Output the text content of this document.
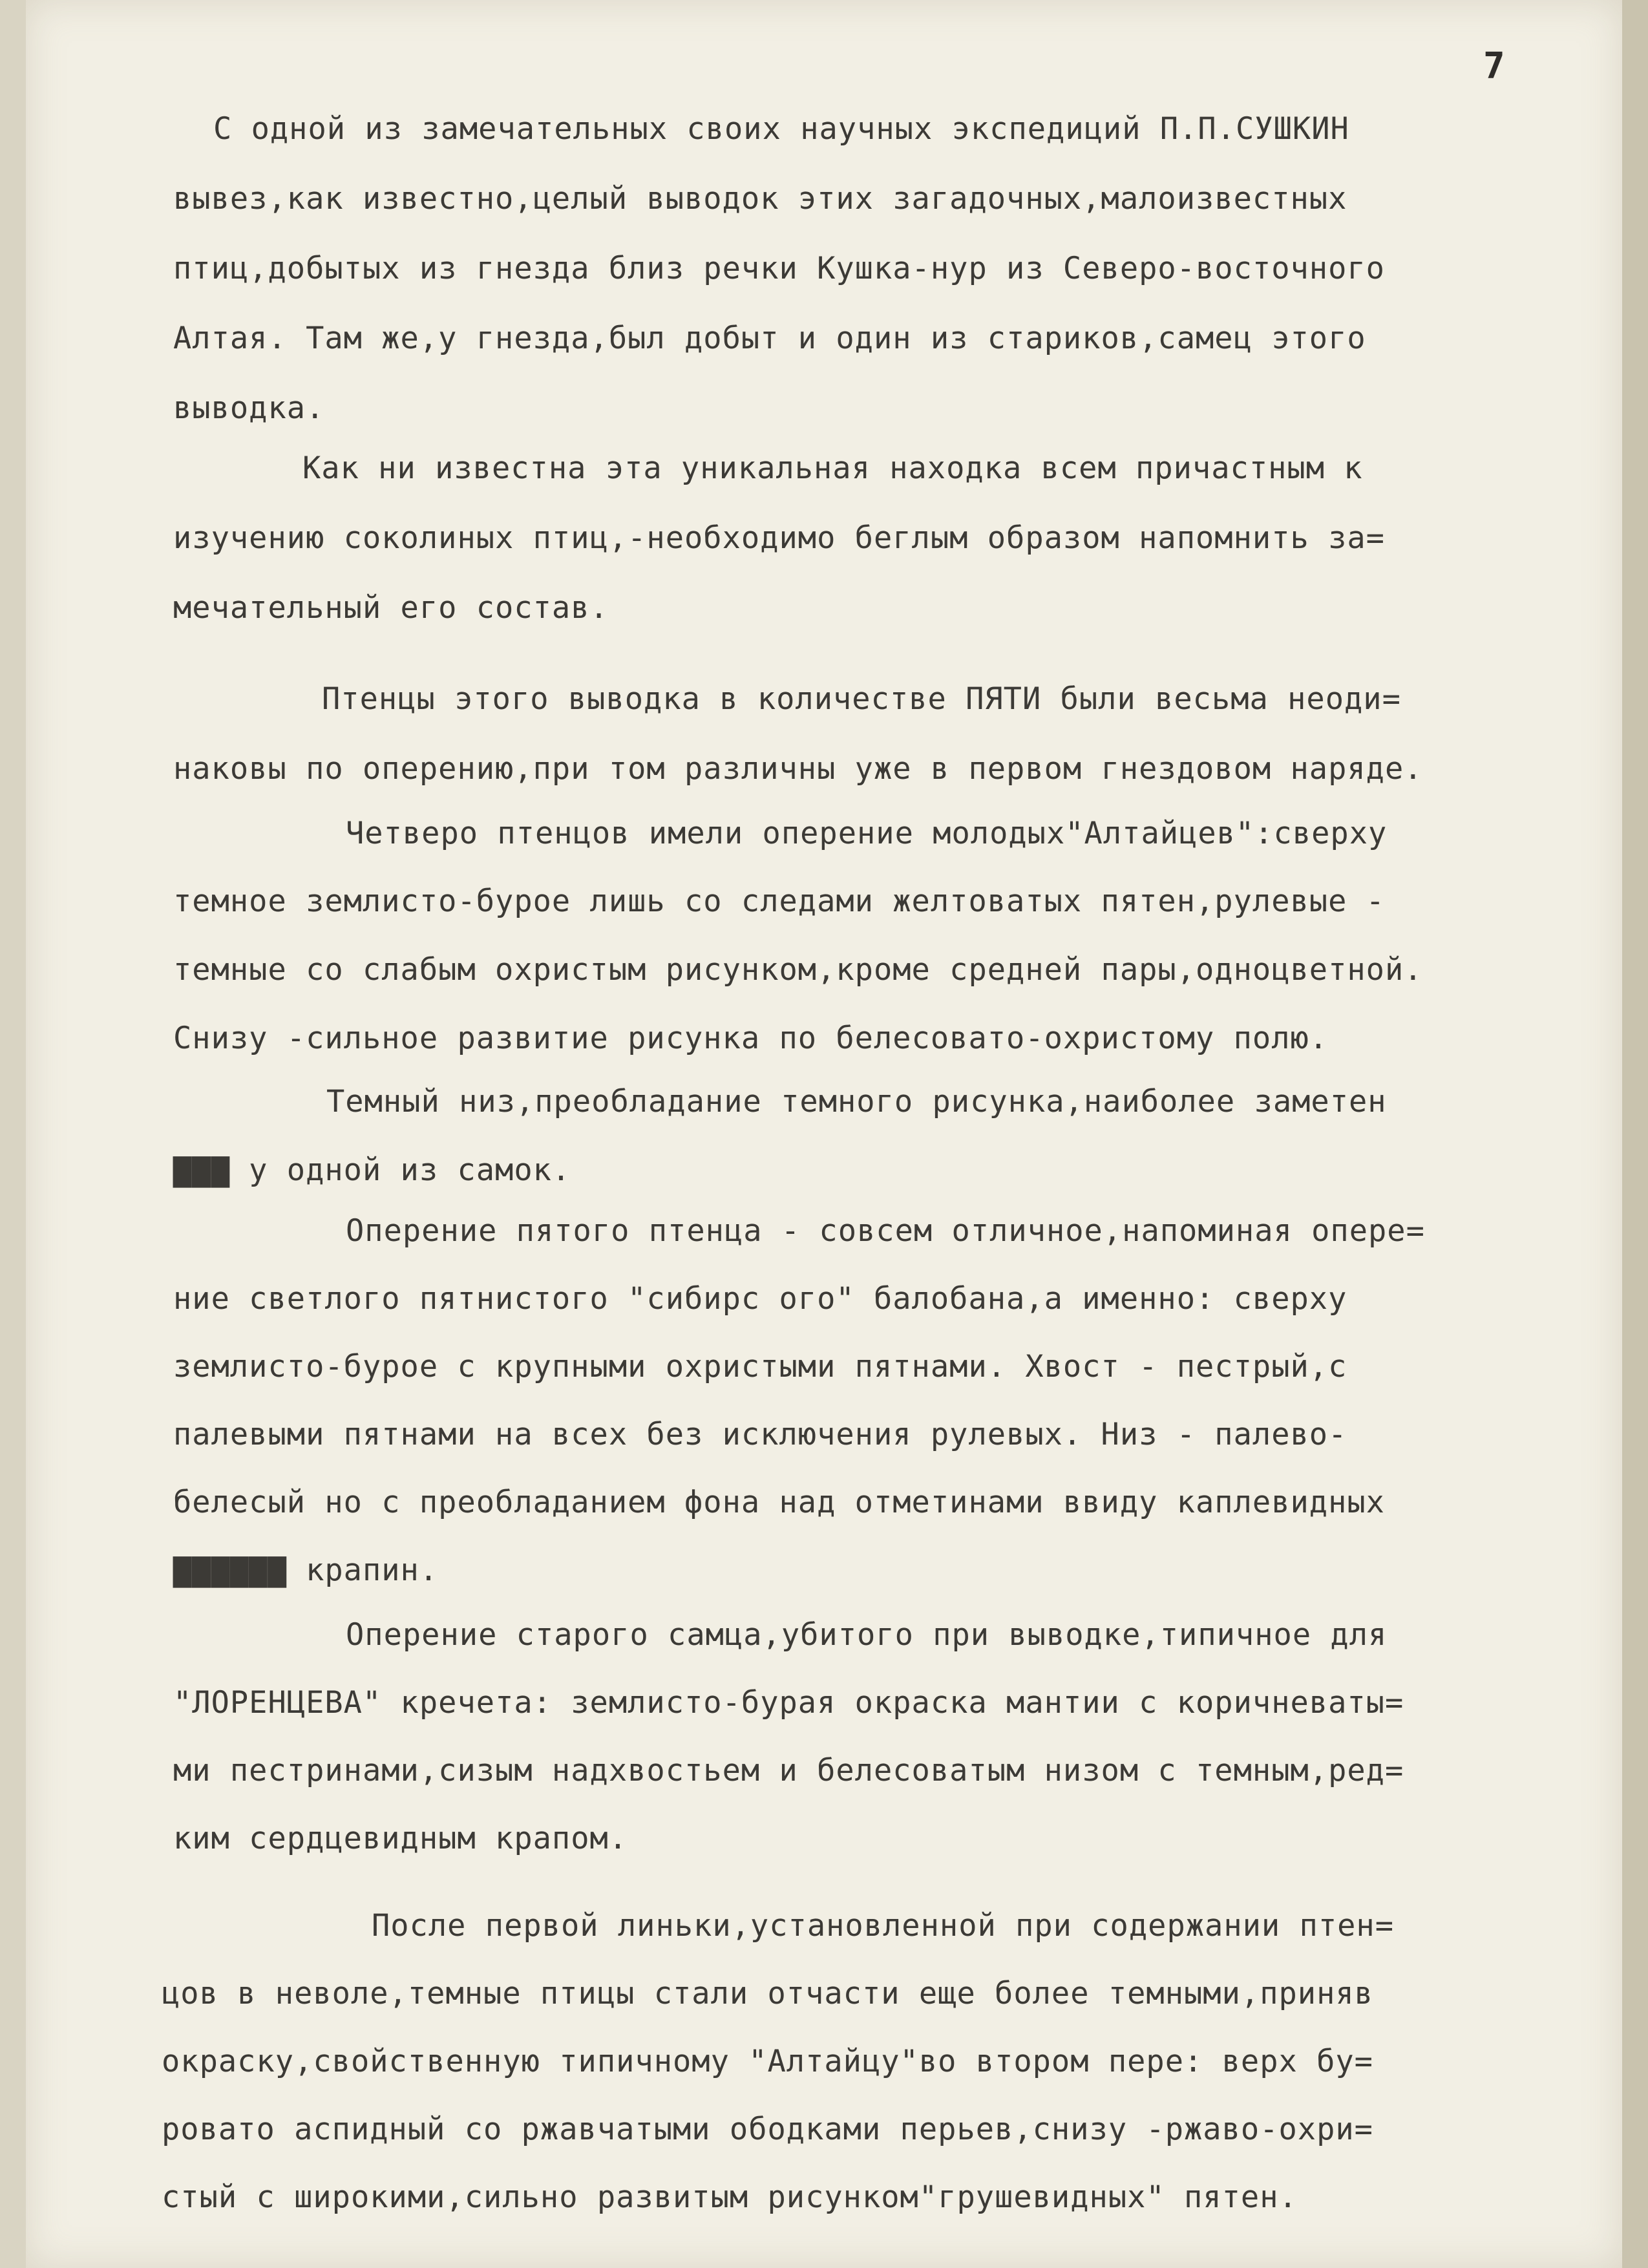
7
С одной из замечательных своих научных экспедиций П.П.СУШКИН
вывез,как известно,целый выводок этих загадочных,малоизвестных
птиц,добытых из гнезда близ речки Кушка-нур из Северо-восточного
Алтая. Там же,у гнезда,был добыт и один из стариков,самец этого
выводка.
Как ни известна эта уникальная находка всем причастным к
изучению соколиных птиц,-необходимо беглым образом напомнить за=
мечательный его состав.
Птенцы этого выводка в количестве ПЯТИ были весьма неоди=
наковы по оперению,при том различны уже в первом гнездовом наряде.
Четверо птенцов имели оперение молодых"Алтайцев":сверху
темное землисто-бурое лишь со следами желтоватых пятен,рулевые -
темные со слабым охристым рисунком,кроме средней пары,одноцветной.
Снизу -сильное развитие рисунка по белесовато-охристому полю.
Темный низ,преобладание темного рисунка,наиболее заметен
▇▇▇ у одной из самок.
Оперение пятого птенца - совсем отличное,напоминая опере=
ние светлого пятнистого "сибирс ого" балобана,а именно: сверху
землисто-бурое с крупными охристыми пятнами. Хвост - пестрый,с
палевыми пятнами на всех без исключения рулевых. Низ - палево-
белесый но с преобладанием фона над отметинами ввиду каплевидных
▇▇▇▇▇▇ крапин.
Оперение старого самца,убитого при выводке,типичное для
"ЛОРЕНЦЕВА" кречета: землисто-бурая окраска мантии с коричневаты=
ми пестринами,сизым надхвостьем и белесоватым низом с темным,ред=
ким сердцевидным крапом.
После первой линьки,установленной при содержании птен=
цов в неволе,темные птицы стали отчасти еще более темными,приняв
окраску,свойственную типичному "Алтайцу"во втором пере: верх бу=
ровато аспидный со ржавчатыми ободками перьев,снизу -ржаво-охри=
стый с широкими,сильно развитым рисунком"грушевидных" пятен.
